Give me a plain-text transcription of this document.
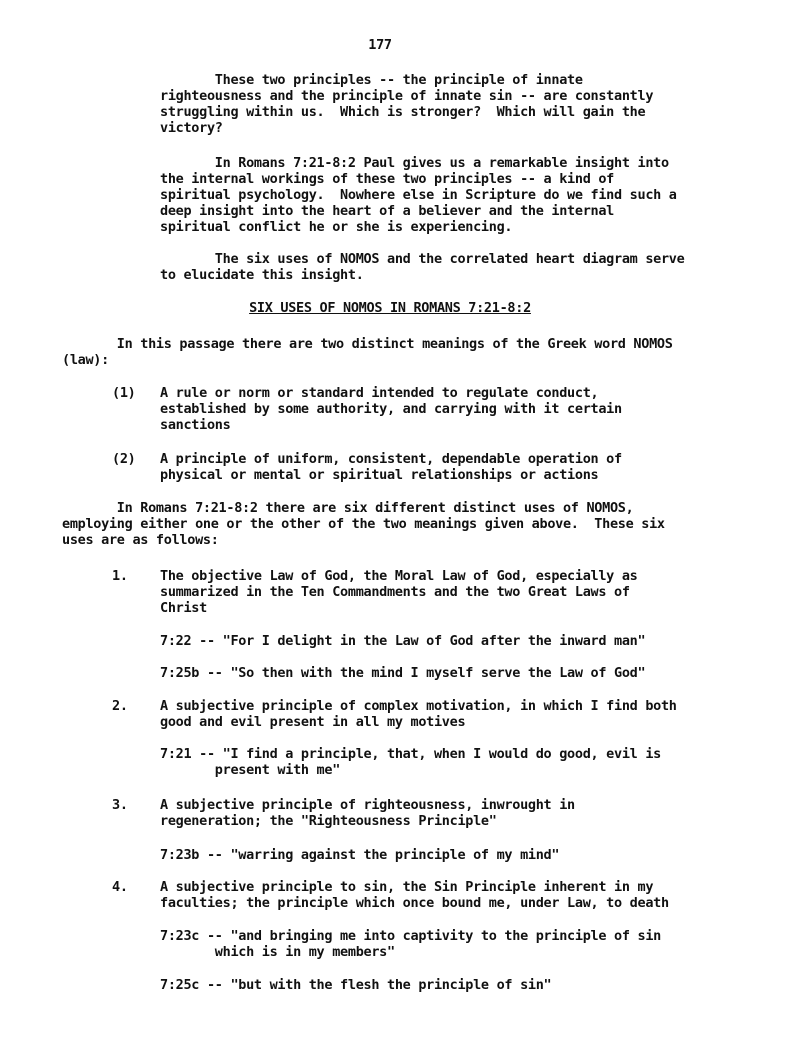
177
These two principles -- the principle of innate
righteousness and the principle of innate sin -- are constantly
struggling within us.  Which is stronger?  Which will gain the
victory?
In Romans 7:21-8:2 Paul gives us a remarkable insight into
the internal workings of these two principles -- a kind of
spiritual psychology.  Nowhere else in Scripture do we find such a
deep insight into the heart of a believer and the internal
spiritual conflict he or she is experiencing.
The six uses of NOMOS and the correlated heart diagram serve
to elucidate this insight.
SIX USES OF NOMOS IN ROMANS 7:21-8:2
In this passage there are two distinct meanings of the Greek word NOMOS
(law):
(1) A rule or norm or standard intended to regulate conduct,
established by some authority, and carrying with it certain
sanctions
(2) A principle of uniform, consistent, dependable operation of
physical or mental or spiritual relationships or actions
In Romans 7:21-8:2 there are six different distinct uses of NOMOS,
employing either one or the other of the two meanings given above.  These six
uses are as follows:
1. The objective Law of God, the Moral Law of God, especially as
summarized in the Ten Commandments and the two Great Laws of
Christ
7:22 -- "For I delight in the Law of God after the inward man"
7:25b -- "So then with the mind I myself serve the Law of God"
2. A subjective principle of complex motivation, in which I find both
good and evil present in all my motives
7:21 -- "I find a principle, that, when I would do good, evil is
present with me"
3. A subjective principle of righteousness, inwrought in
regeneration; the "Righteousness Principle"
7:23b -- "warring against the principle of my mind"
4. A subjective principle to sin, the Sin Principle inherent in my
faculties; the principle which once bound me, under Law, to death
7:23c -- "and bringing me into captivity to the principle of sin
which is in my members"
7:25c -- "but with the flesh the principle of sin"
